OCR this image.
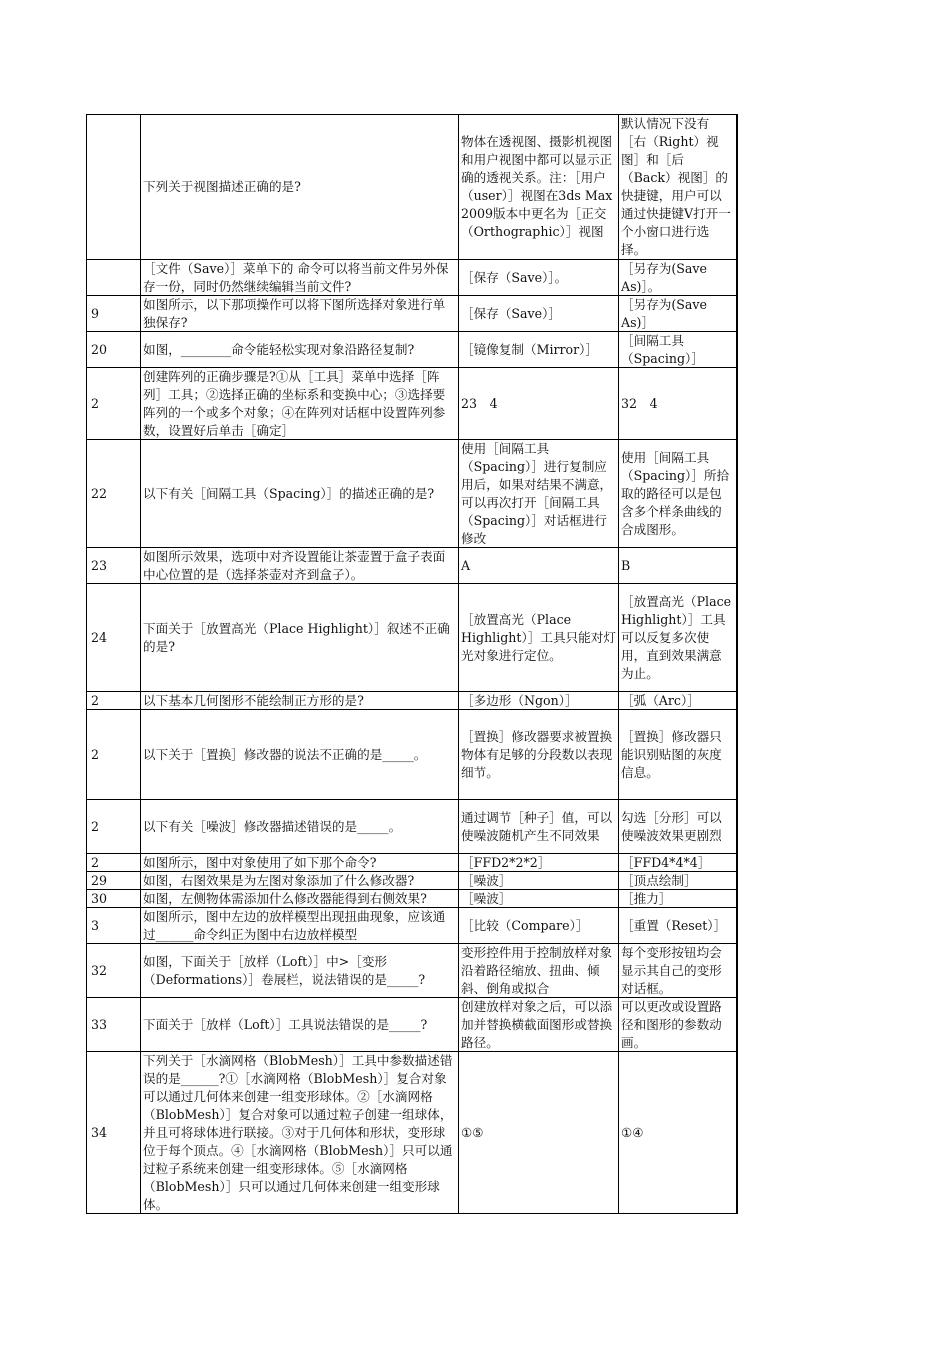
	下列关于视图描述正确的是?	物体在透视图、摄影机视图和用户视图中都可以显示正确的透视关系。注：［用户（user）］视图在3ds Max 2009版本中更名为［正交（Orthographic）］视图	默认情况下没有［右（Right）视图］和［后（Back）视图］的快捷键，用户可以通过快捷键V打开一个小窗口进行选择。

	［文件（Save）］菜单下的 命令可以将当前文件另外保存一份，同时仍然继续编辑当前文件?	［保存（Save）］。	［另存为(Save As)］。

9	如图所示，以下那项操作可以将下图所选择对象进行单独保存?	［保存（Save）］	［另存为(Save As)］

20	如图，________命令能轻松实现对象沿路径复制?	［镜像复制（Mirror）］	［间隔工具（Spacing）］

2	创建阵列的正确步骤是?①从［工具］菜单中选择［阵列］工具；②选择正确的坐标系和变换中心；③选择要阵列的一个或多个对象；④在阵列对话框中设置阵列参数，设置好后单击［确定］	23　4	32　4

22	以下有关［间隔工具（Spacing）］的描述正确的是?	使用［间隔工具（Spacing）］进行复制应用后，如果对结果不满意，可以再次打开［间隔工具（Spacing）］对话框进行修改	使用［间隔工具（Spacing）］所拾取的路径可以是包含多个样条曲线的合成图形。

23	如图所示效果，选项中对齐设置能让茶壶置于盒子表面中心位置的是（选择茶壶对齐到盒子）。	A	B

24	下面关于［放置高光（Place Highlight）］叙述不正确的是?	［放置高光（Place Highlight）］工具只能对灯光对象进行定位。	［放置高光（Place Highlight）］工具可以反复多次使用，直到效果满意为止。

2	以下基本几何图形不能绘制正方形的是?	［多边形（Ngon）］	［弧（Arc）］

2	以下关于［置换］修改器的说法不正确的是_____。	［置换］修改器要求被置换物体有足够的分段数以表现细节。	［置换］修改器只能识别贴图的灰度信息。

2	以下有关［噪波］修改器描述错误的是_____。	通过调节［种子］值，可以使噪波随机产生不同效果	勾选［分形］可以使噪波效果更剧烈

2	如图所示，图中对象使用了如下那个命令?	［FFD2*2*2］	［FFD4*4*4］

29	如图，右图效果是为左图对象添加了什么修改器?	［噪波］	［顶点绘制］

30	如图，左侧物体需添加什么修改器能得到右侧效果?	［噪波］	［推力］

3	如图所示，图中左边的放样模型出现扭曲现象，应该通过______命令纠正为图中右边放样模型	［比较（Compare）］	［重置（Reset）］

32	如图，下面关于［放样（Loft）］中>［变形（Deformations）］卷展栏，说法错误的是_____?	变形控件用于控制放样对象沿着路径缩放、扭曲、倾斜、倒角或拟合	每个变形按钮均会显示其自己的变形对话框。

33	下面关于［放样（Loft）］工具说法错误的是_____?	创建放样对象之后，可以添加并替换横截面图形或替换路径。	可以更改或设置路径和图形的参数动画。

34	下列关于［水滴网格（BlobMesh）］工具中参数描述错误的是______?①［水滴网格（BlobMesh）］复合对象可以通过几何体来创建一组变形球体。②［水滴网格（BlobMesh）］复合对象可以通过粒子创建一组球体，并且可将球体进行联接。③对于几何体和形状，变形球位于每个顶点。④［水滴网格（BlobMesh）］只可以通过粒子系统来创建一组变形球体。⑤［水滴网格（BlobMesh）］只可以通过几何体来创建一组变形球体。	①⑤	①④
